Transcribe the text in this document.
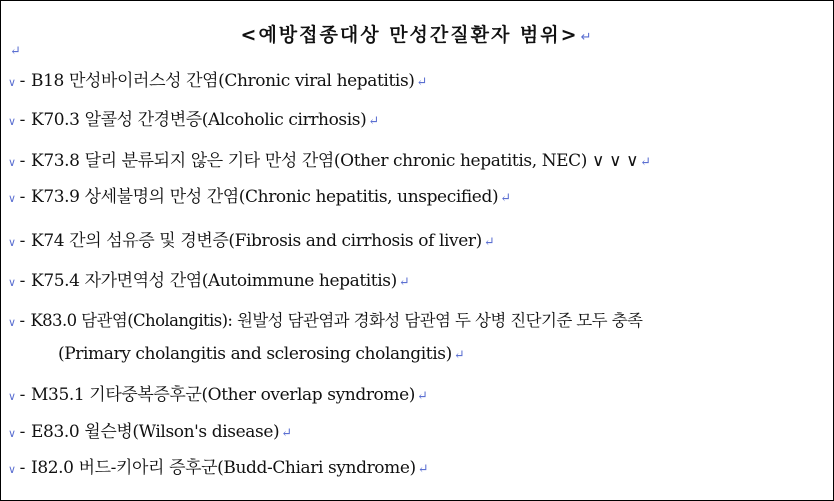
<예방접종대상 만성간질환자 범위> ↵
↵
∨ - B18 만성바이러스성 간염(Chronic viral hepatitis) ↵
∨ - K70.3 알콜성 간경변증(Alcoholic cirrhosis) ↵
∨ - K73.8 달리 분류되지 않은 기타 만성 간염(Other chronic hepatitis, NEC) ∨ ∨ ∨ ↵
∨ - K73.9 상세불명의 만성 간염(Chronic hepatitis, unspecified) ↵
∨ - K74 간의 섬유증 및 경변증(Fibrosis and cirrhosis of liver) ↵
∨ - K75.4 자가면역성 간염(Autoimmune hepatitis) ↵
∨ - K83.0 담관염(Cholangitis): 원발성 담관염과 경화성 담관염 두 상병 진단기준 모두 충족
(Primary cholangitis and sclerosing cholangitis) ↵
∨ - M35.1 기타중복증후군(Other overlap syndrome) ↵
∨ - E83.0 윌슨병(Wilson's disease) ↵
∨ - I82.0 버드-키아리 증후군(Budd-Chiari syndrome) ↵
